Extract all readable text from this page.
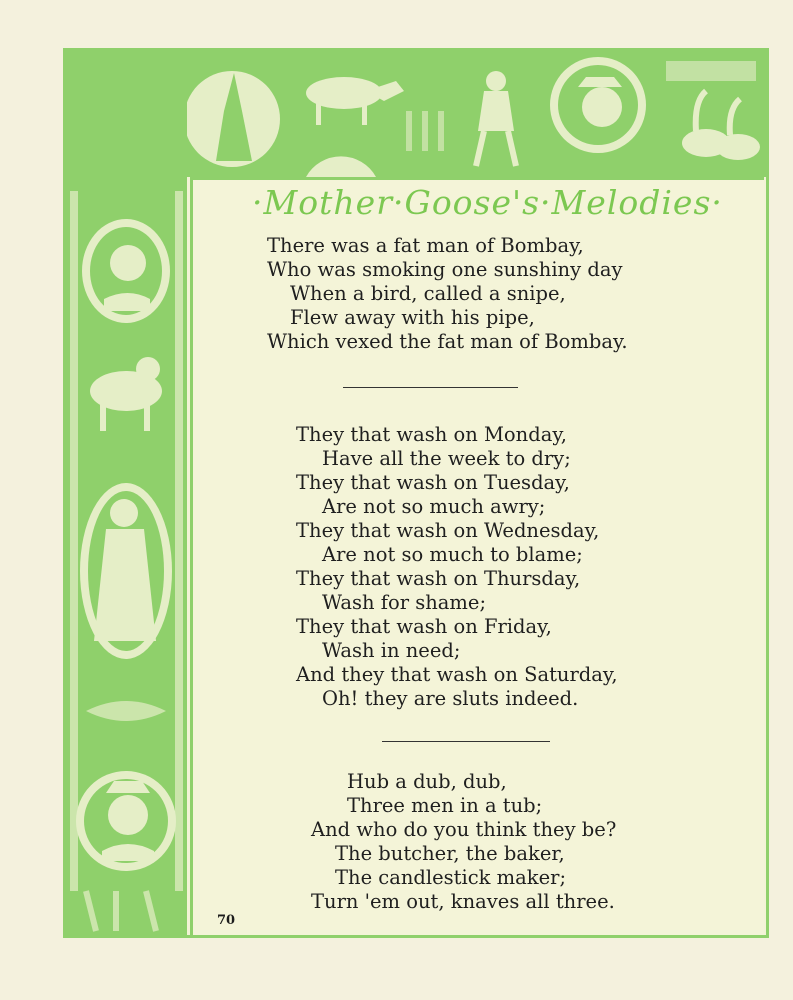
·Mother·Goose's·Melodies·
There was a fat man of Bombay,
Who was smoking one sunshiny day
When a bird, called a snipe,
Flew away with his pipe,
Which vexed the fat man of Bombay.
They that wash on Monday,
Have all the week to dry;
They that wash on Tuesday,
Are not so much awry;
They that wash on Wednesday,
Are not so much to blame;
They that wash on Thursday,
Wash for shame;
They that wash on Friday,
Wash in need;
And they that wash on Saturday,
Oh! they are sluts indeed.
Hub a dub, dub,
Three men in a tub;
And who do you think they be?
The butcher, the baker,
The candlestick maker;
Turn 'em out, knaves all three.
70
